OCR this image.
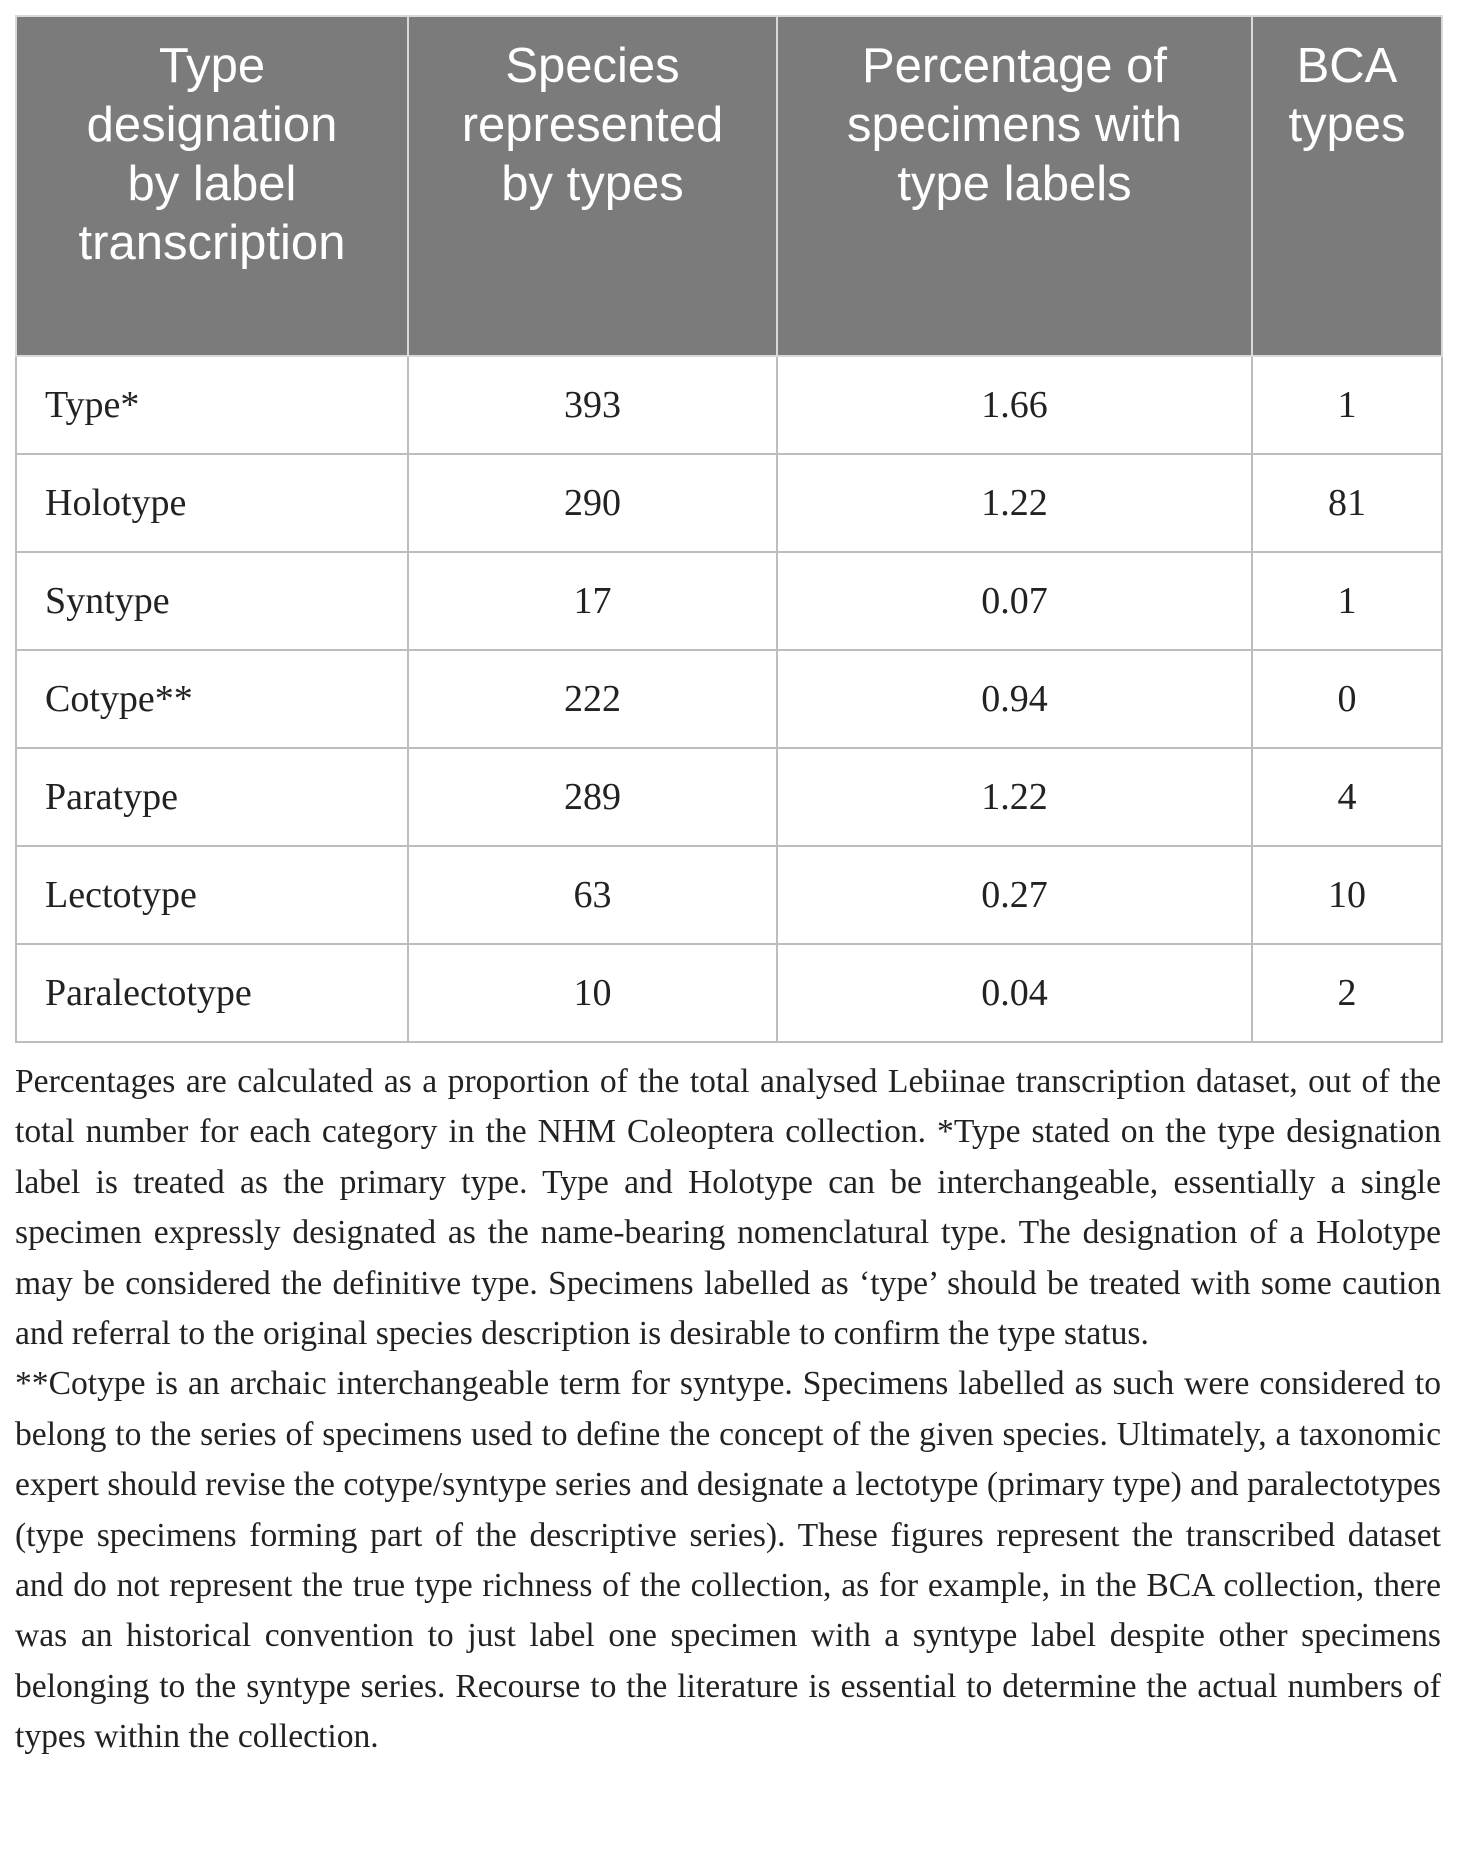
Type designation by label transcription	Species represented by types	Percentage of specimens with type labels	BCA types

Type*	393	1.66	1
Holotype	290	1.22	81
Syntype	17	0.07	1
Cotype**	222	0.94	0
Paratype	289	1.22	4
Lectotype	63	0.27	10
Paralectotype	10	0.04	2

Percentages are calculated as a proportion of the total analysed Lebiinae transcription dataset, out of the total number for each category in the NHM Coleoptera collection. *Type stated on the type designation label is treated as the primary type. Type and Holotype can be interchangeable, essentially a single specimen expressly designated as the name-bearing nomenclatural type. The designation of a Holotype may be considered the definitive type. Specimens labelled as ‘type’ should be treated with some caution and referral to the original species description is desirable to confirm the type status.

**Cotype is an archaic interchangeable term for syntype. Specimens labelled as such were considered to belong to the series of specimens used to define the concept of the given species. Ultimately, a taxonomic expert should revise the cotype/syntype series and designate a lectotype (primary type) and paralectotypes (type specimens forming part of the descriptive series). These figures represent the transcribed dataset and do not represent the true type richness of the collection, as for example, in the BCA collection, there was an historical convention to just label one specimen with a syntype label despite other specimens belonging to the syntype series. Recourse to the literature is essential to determine the actual numbers of types within the collection.
